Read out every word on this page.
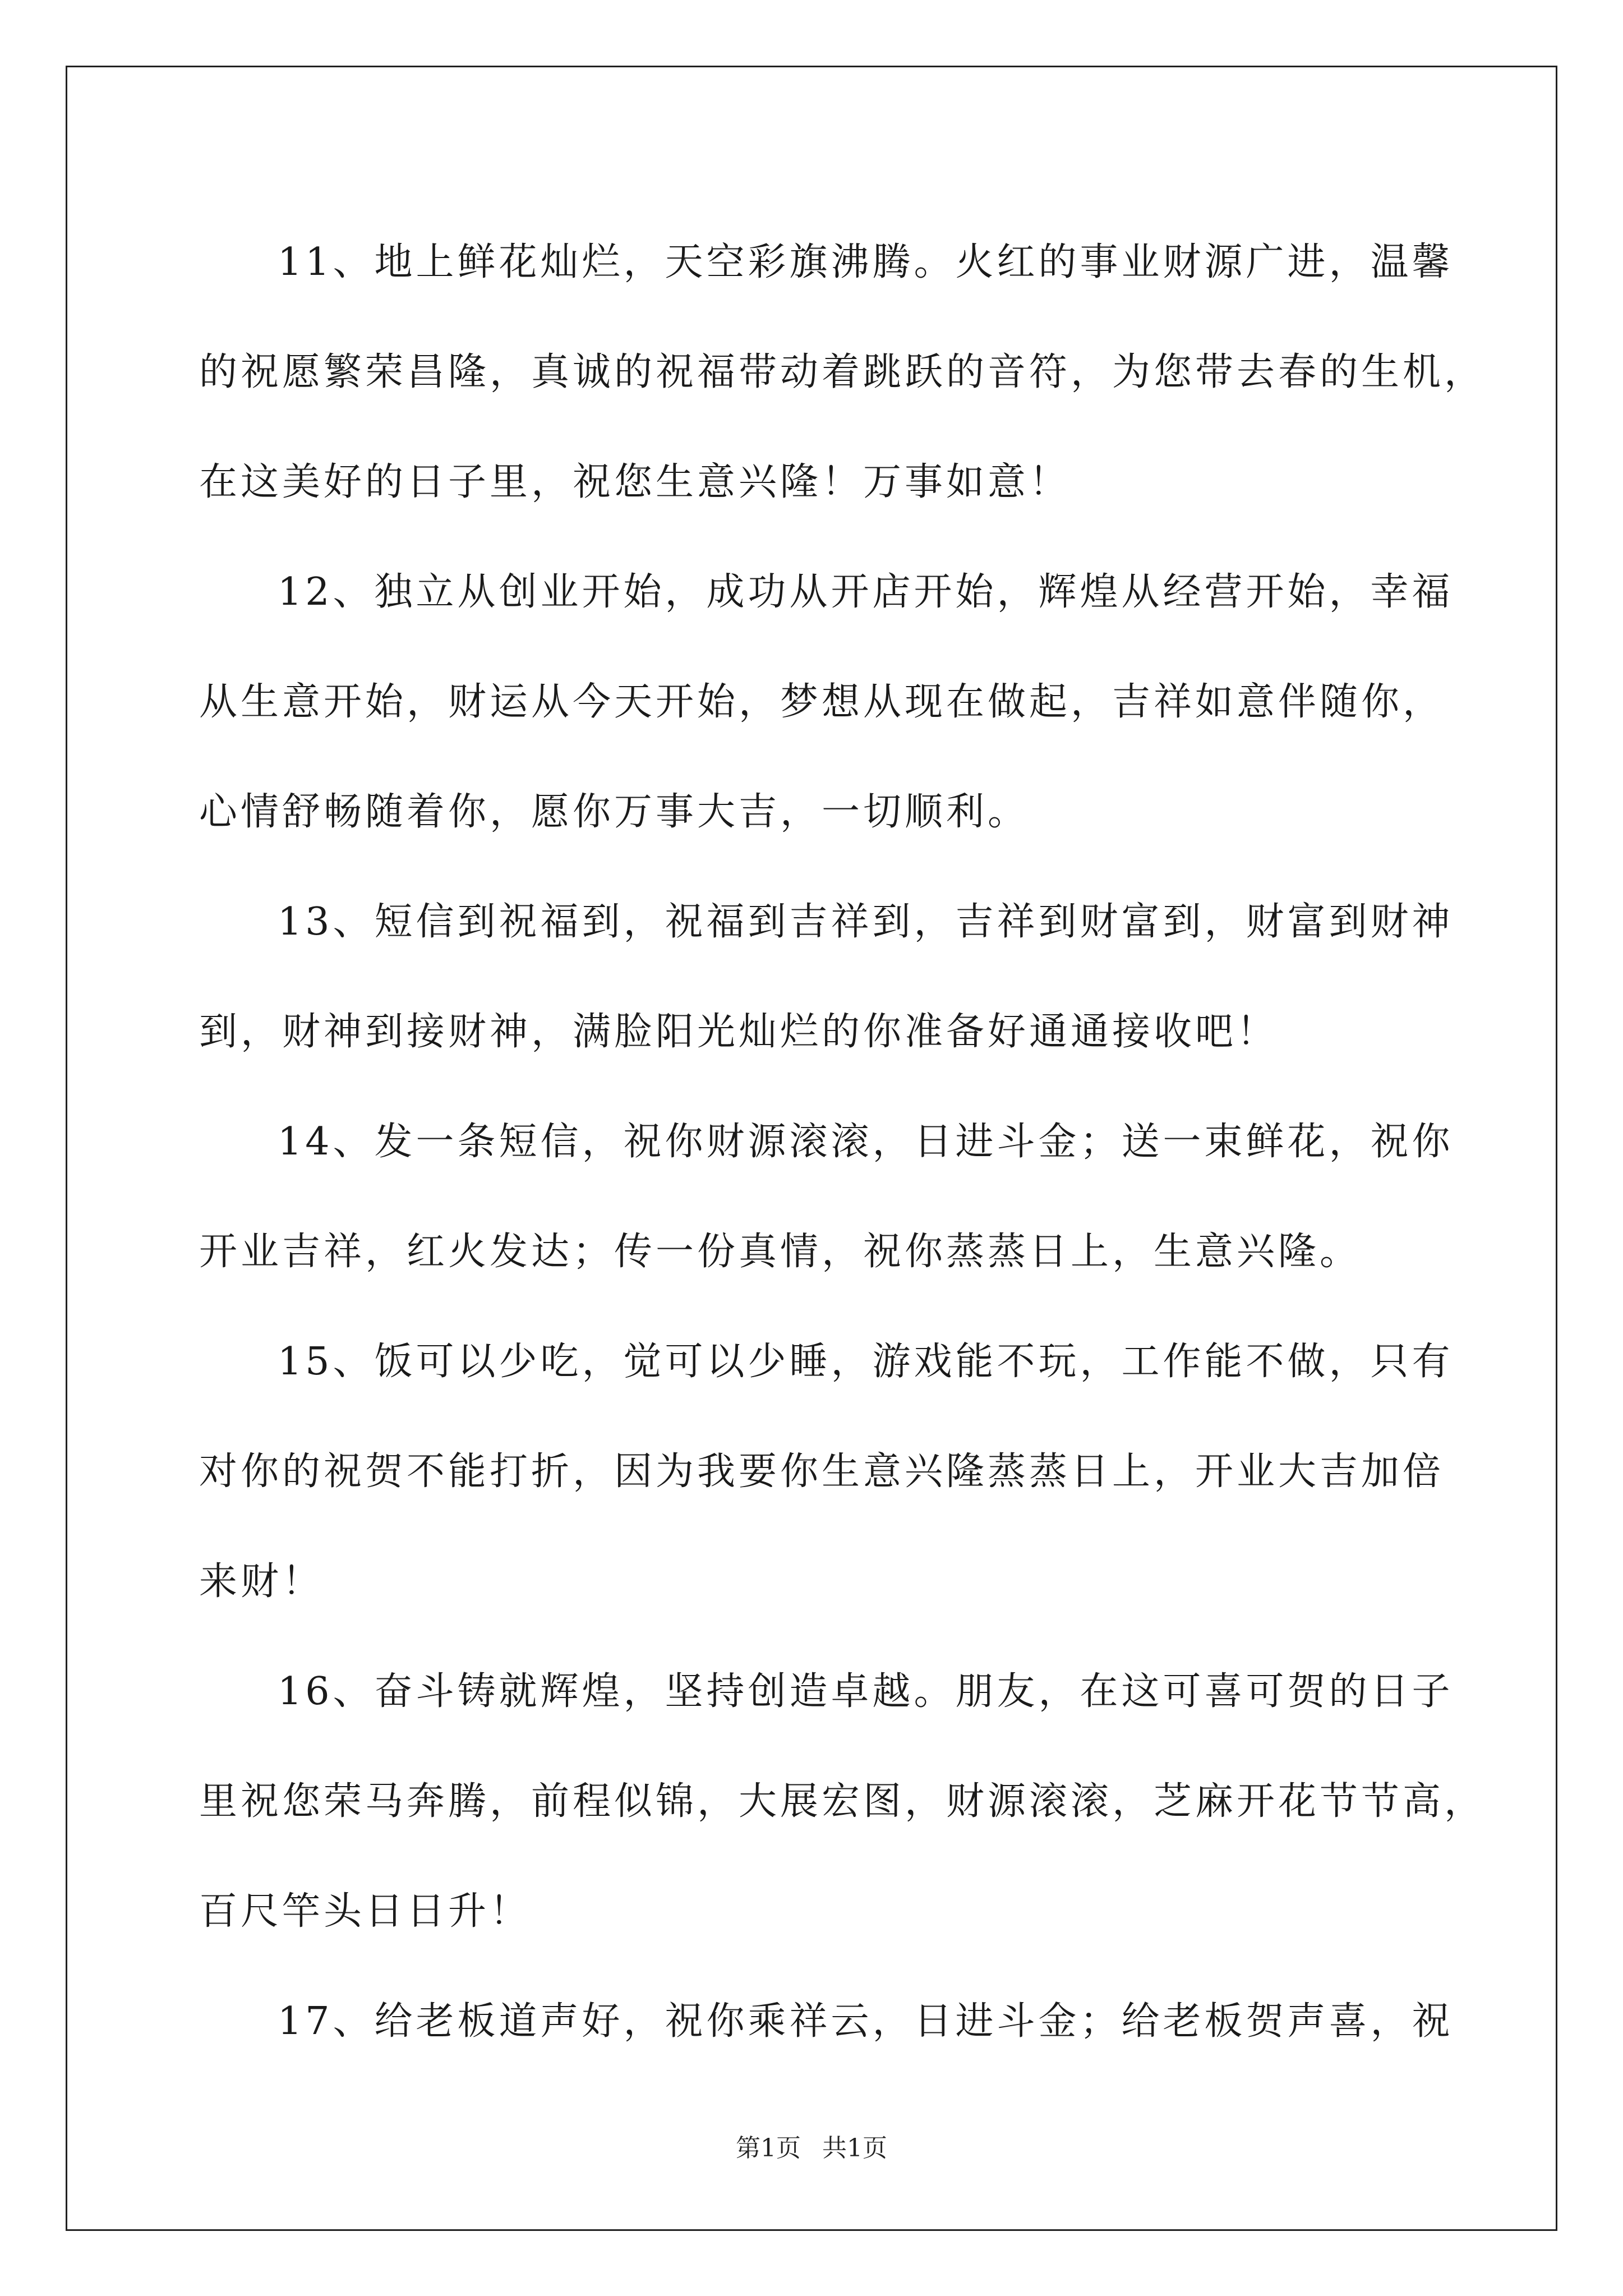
11、地上鲜花灿烂，天空彩旗沸腾。火红的事业财源广进，温馨
的祝愿繁荣昌隆，真诚的祝福带动着跳跃的音符，为您带去春的生机，
在这美好的日子里，祝您生意兴隆！万事如意！
12、独立从创业开始，成功从开店开始，辉煌从经营开始，幸福
从生意开始，财运从今天开始，梦想从现在做起，吉祥如意伴随你，
心情舒畅随着你，愿你万事大吉，一切顺利。
13、短信到祝福到，祝福到吉祥到，吉祥到财富到，财富到财神
到，财神到接财神，满脸阳光灿烂的你准备好通通接收吧！
14、发一条短信，祝你财源滚滚，日进斗金；送一束鲜花，祝你
开业吉祥，红火发达；传一份真情，祝你蒸蒸日上，生意兴隆。
15、饭可以少吃，觉可以少睡，游戏能不玩，工作能不做，只有
对你的祝贺不能打折，因为我要你生意兴隆蒸蒸日上，开业大吉加倍
来财！
16、奋斗铸就辉煌，坚持创造卓越。朋友，在这可喜可贺的日子
里祝您荣马奔腾，前程似锦，大展宏图，财源滚滚，芝麻开花节节高，
百尺竿头日日升！
17、给老板道声好，祝你乘祥云，日进斗金；给老板贺声喜，祝
第1页 共1页
